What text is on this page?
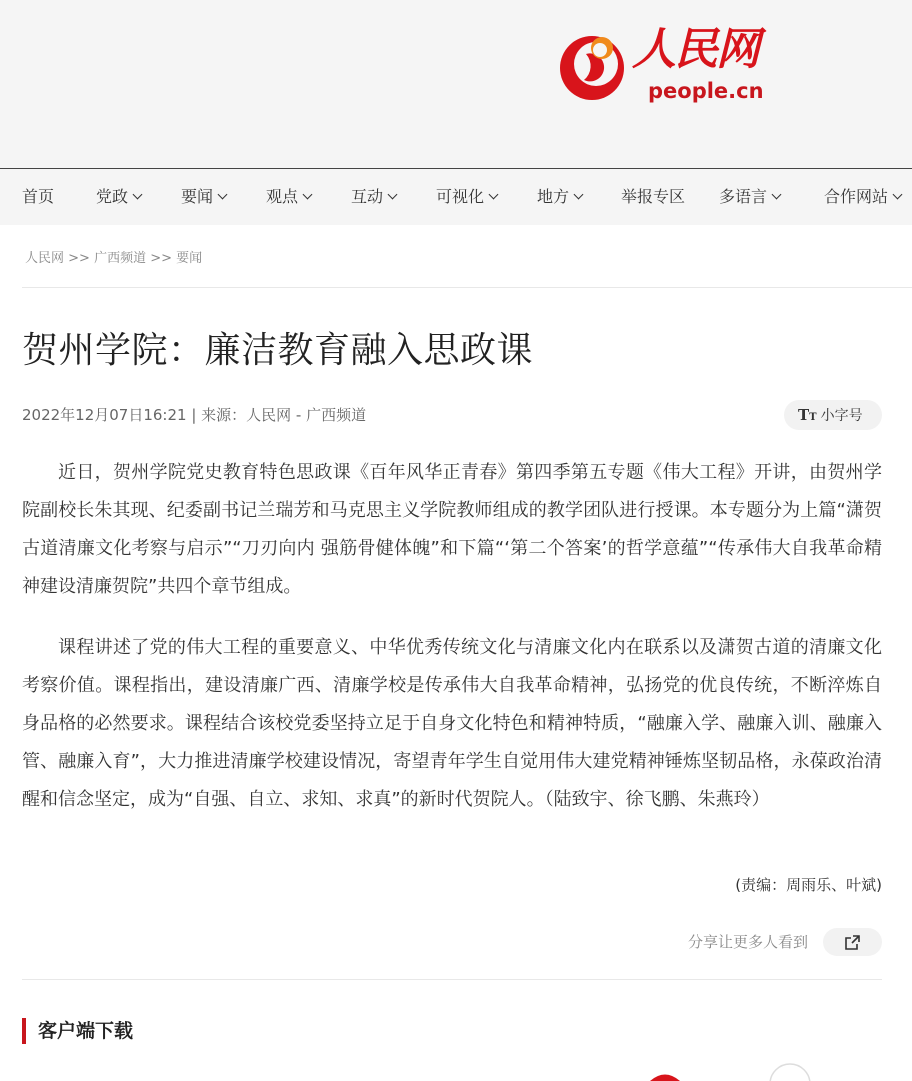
人民网
people.cn
首页	党政	要闻	观点	互动	可视化	地方	举报专区 多语言	合作网站
人民网 >> 广西频道 >> 要闻
贺州学院：廉洁教育融入思政课
2022年12月07日16:21 | 来源：人民网 - 广西频道	TT 小字号

近日，贺州学院党史教育特色思政课《百年风华正青春》第四季第五专题《伟大工程》开讲，由贺州学院副校长朱其现、纪委副书记兰瑞芳和马克思主义学院教师组成的教学团队进行授课。本专题分为上篇“潇贺古道清廉文化考察与启示”“刀刃向内 强筋骨健体魄”和下篇“‘第二个答案’的哲学意蕴”“传承伟大自我革命精神建设清廉贺院”共四个章节组成。

课程讲述了党的伟大工程的重要意义、中华优秀传统文化与清廉文化内在联系以及潇贺古道的清廉文化考察价值。课程指出，建设清廉广西、清廉学校是传承伟大自我革命精神，弘扬党的优良传统，不断淬炼自身品格的必然要求。课程结合该校党委坚持立足于自身文化特色和精神特质，“融廉入学、融廉入训、融廉入管、融廉入育”，大力推进清廉学校建设情况，寄望青年学生自觉用伟大建党精神锤炼坚韧品格，永葆政治清醒和信念坚定，成为“自强、自立、求知、求真”的新时代贺院人。（陆致宇、徐飞鹏、朱燕玲）

(责编：周雨乐、叶斌)
分享让更多人看到
客户端下载
